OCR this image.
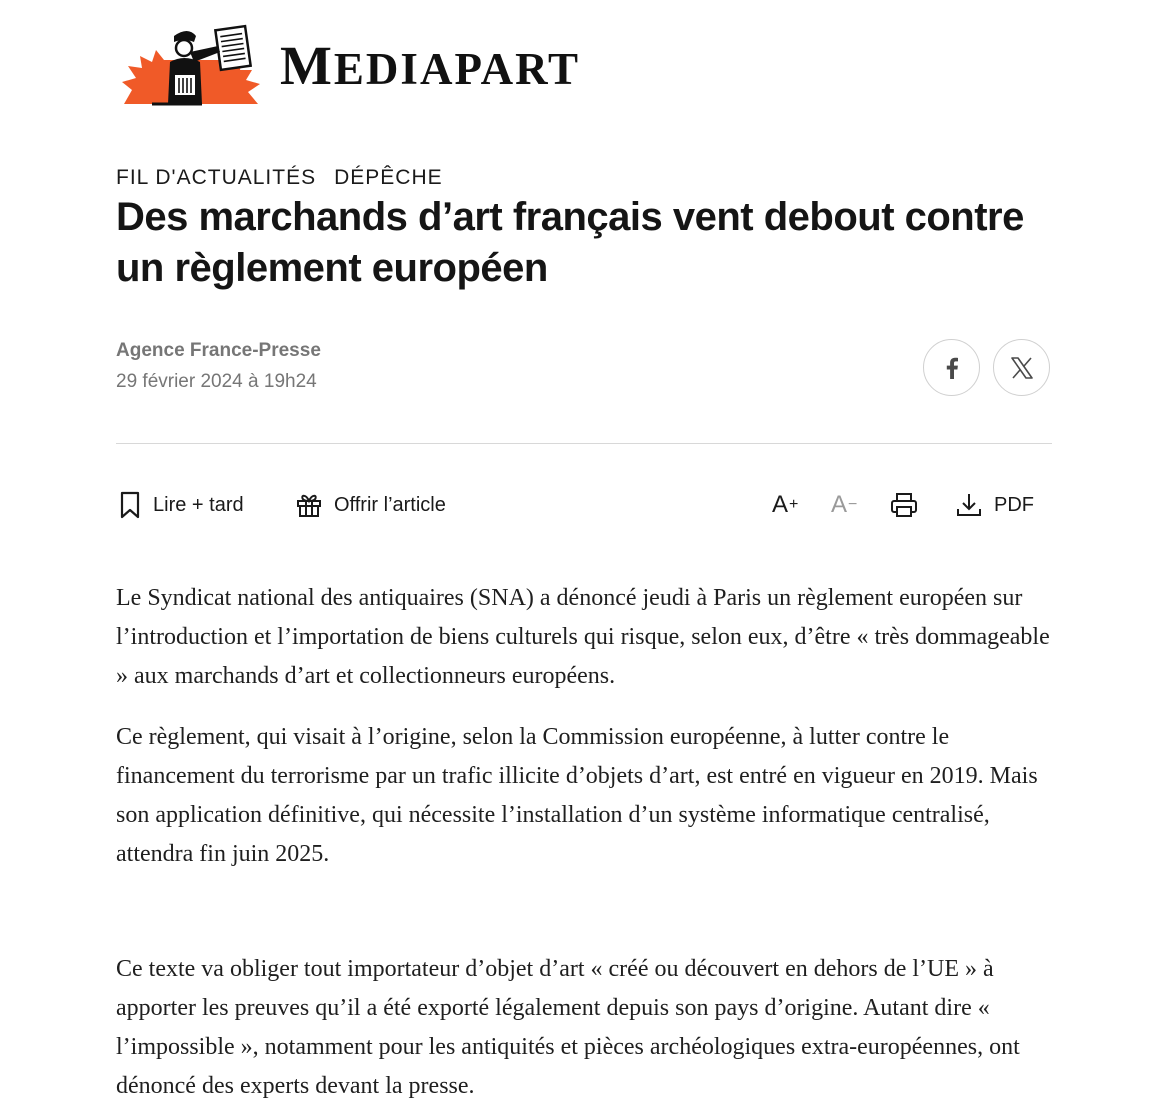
MEDIAPART
FIL D'ACTUALITÉS DÉPÊCHE
Des marchands d’art français vent debout contre un règlement européen
Agence France-Presse
29 février 2024 à 19h24
Lire + tard	Offrir l’article	A + A −	PDF

Le Syndicat national des antiquaires (SNA) a dénoncé jeudi à Paris un règlement européen sur l’introduction et l’importation de biens culturels qui risque, selon eux, d’être « très dommageable » aux marchands d’art et collectionneurs européens.

Ce règlement, qui visait à l’origine, selon la Commission européenne, à lutter contre le financement du terrorisme par un trafic illicite d’objets d’art, est entré en vigueur en 2019. Mais son application définitive, qui nécessite l’installation d’un système informatique centralisé, attendra fin juin 2025.

Ce texte va obliger tout importateur d’objet d’art « créé ou découvert en dehors de l’UE » à apporter les preuves qu’il a été exporté légalement depuis son pays d’origine. Autant dire « l’impossible », notamment pour les antiquités et pièces archéologiques extra-européennes, ont dénoncé des experts devant la presse.
